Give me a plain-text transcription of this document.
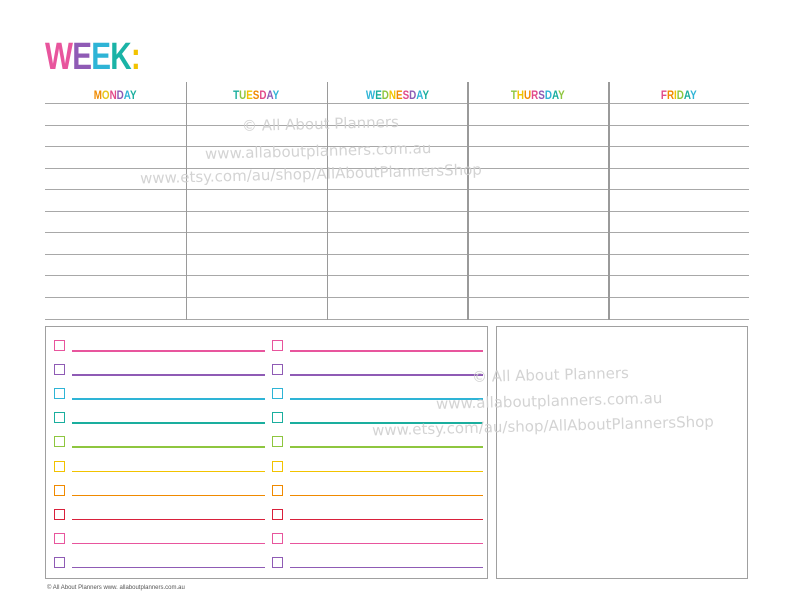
WEEK:
MONDAY	TUESDAY	WEDNESDAY	THURSDAY	FRIDAY
© All About Planners
www.allaboutplanners.com.au
www.etsy.com/au/shop/AllAboutPlannersShop
© All About Planners
www.allaboutplanners.com.au
www.etsy.com/au/shop/AllAboutPlannersShop
© All About Planners www. allaboutplanners.com.au
